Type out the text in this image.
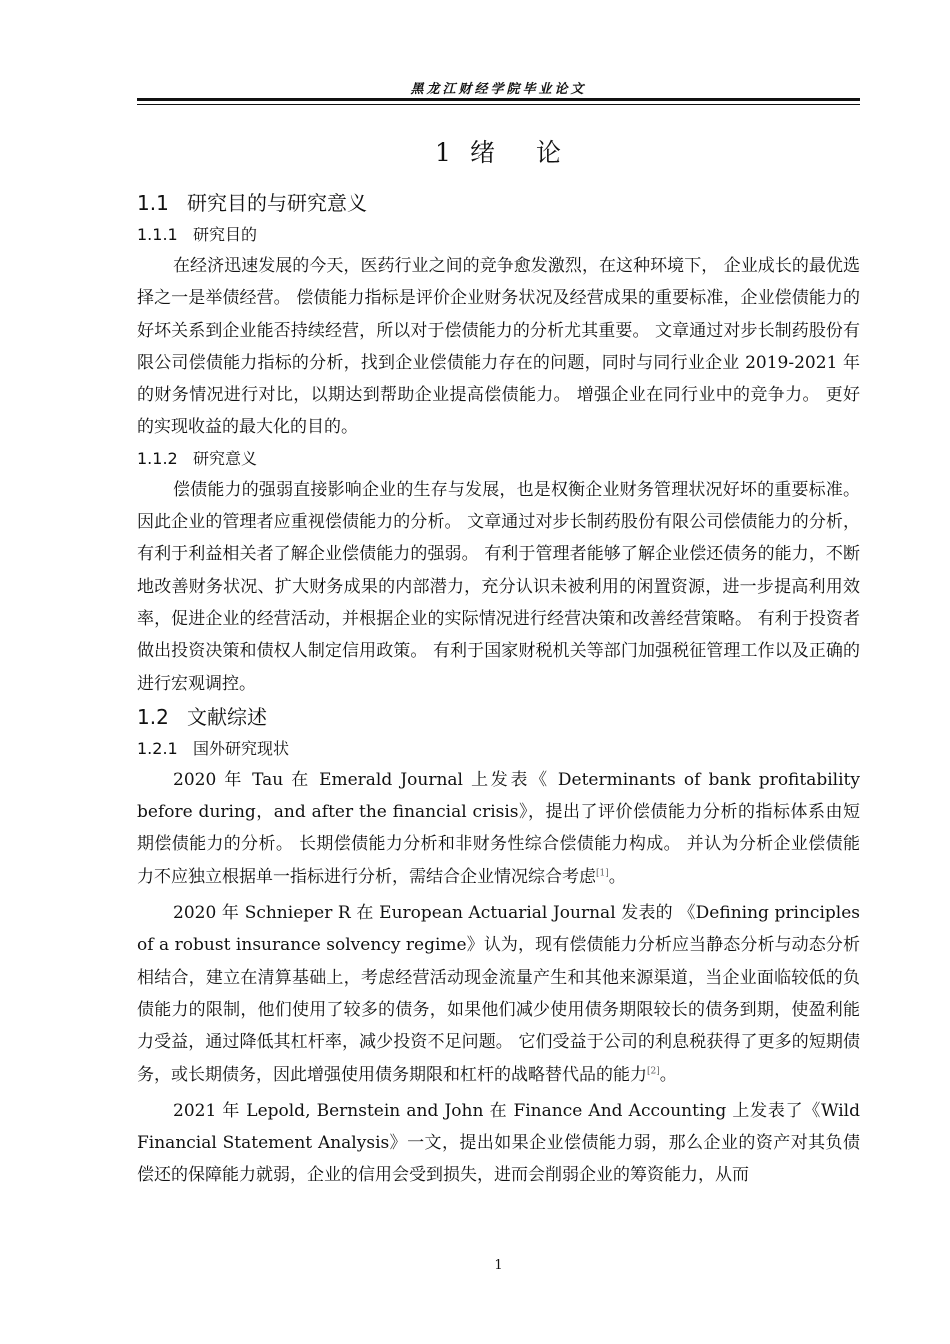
黑龙江财经学院毕业论文
1 绪 论
1.1 研究目的与研究意义
1.1.1 研究目的

在经济迅速发展的今天，医药行业之间的竞争愈发激烈，在这种环境下， 企业成长的最优选择之一是举债经营。 偿债能力指标是评价企业财务状况及经营成果的重要标准，企业偿债能力的好坏关系到企业能否持续经营，所以对于偿债能力的分析尤其重要。 文章通过对步长制药股份有限公司偿债能力指标的分析，找到企业偿债能力存在的问题，同时与同行业企业 2019-2021 年的财务情况进行对比，以期达到帮助企业提高偿债能力。 增强企业在同行业中的竞争力。 更好的实现收益的最大化的目的。

1.1.2 研究意义

偿债能力的强弱直接影响企业的生存与发展，也是权衡企业财务管理状况好坏的重要标准。 因此企业的管理者应重视偿债能力的分析。 文章通过对步长制药股份有限公司偿债能力的分析，有利于利益相关者了解企业偿债能力的强弱。 有利于管理者能够了解企业偿还债务的能力，不断地改善财务状况、扩大财务成果的内部潜力，充分认识未被利用的闲置资源，进一步提高利用效率，促进企业的经营活动，并根据企业的实际情况进行经营决策和改善经营策略。 有利于投资者做出投资决策和债权人制定信用政策。 有利于国家财税机关等部门加强税征管理工作以及正确的进行宏观调控。

1.2 文献综述
1.2.1 国外研究现状

2020 年 Tau 在 Emerald Journal 上发表《 Determinants of bank profitability before during，and after the financial crisis》，提出了评价偿债能力分析的指标体系由短期偿债能力的分析。 长期偿债能力分析和非财务性综合偿债能力构成。 并认为分析企业偿债能力不应独立根据单一指标进行分析，需结合企业情况综合考虑[1]。

2020 年 Schnieper R 在 European Actuarial Journal 发表的 《Defining principles of a robust insurance solvency regime》认为，现有偿债能力分析应当静态分析与动态分析相结合，建立在清算基础上，考虑经营活动现金流量产生和其他来源渠道，当企业面临较低的负债能力的限制，他们使用了较多的债务，如果他们减少使用债务期限较长的债务到期，使盈利能力受益，通过降低其杠杆率，减少投资不足问题。 它们受益于公司的利息税获得了更多的短期债务，或长期债务，因此增强使用债务期限和杠杆的战略替代品的能力[2]。

2021 年 Lepold, Bernstein and John 在 Finance And Accounting 上发表了《Wild Financial Statement Analysis》一文，提出如果企业偿债能力弱，那么企业的资产对其负债偿还的保障能力就弱，企业的信用会受到损失，进而会削弱企业的筹资能力，从而

1
